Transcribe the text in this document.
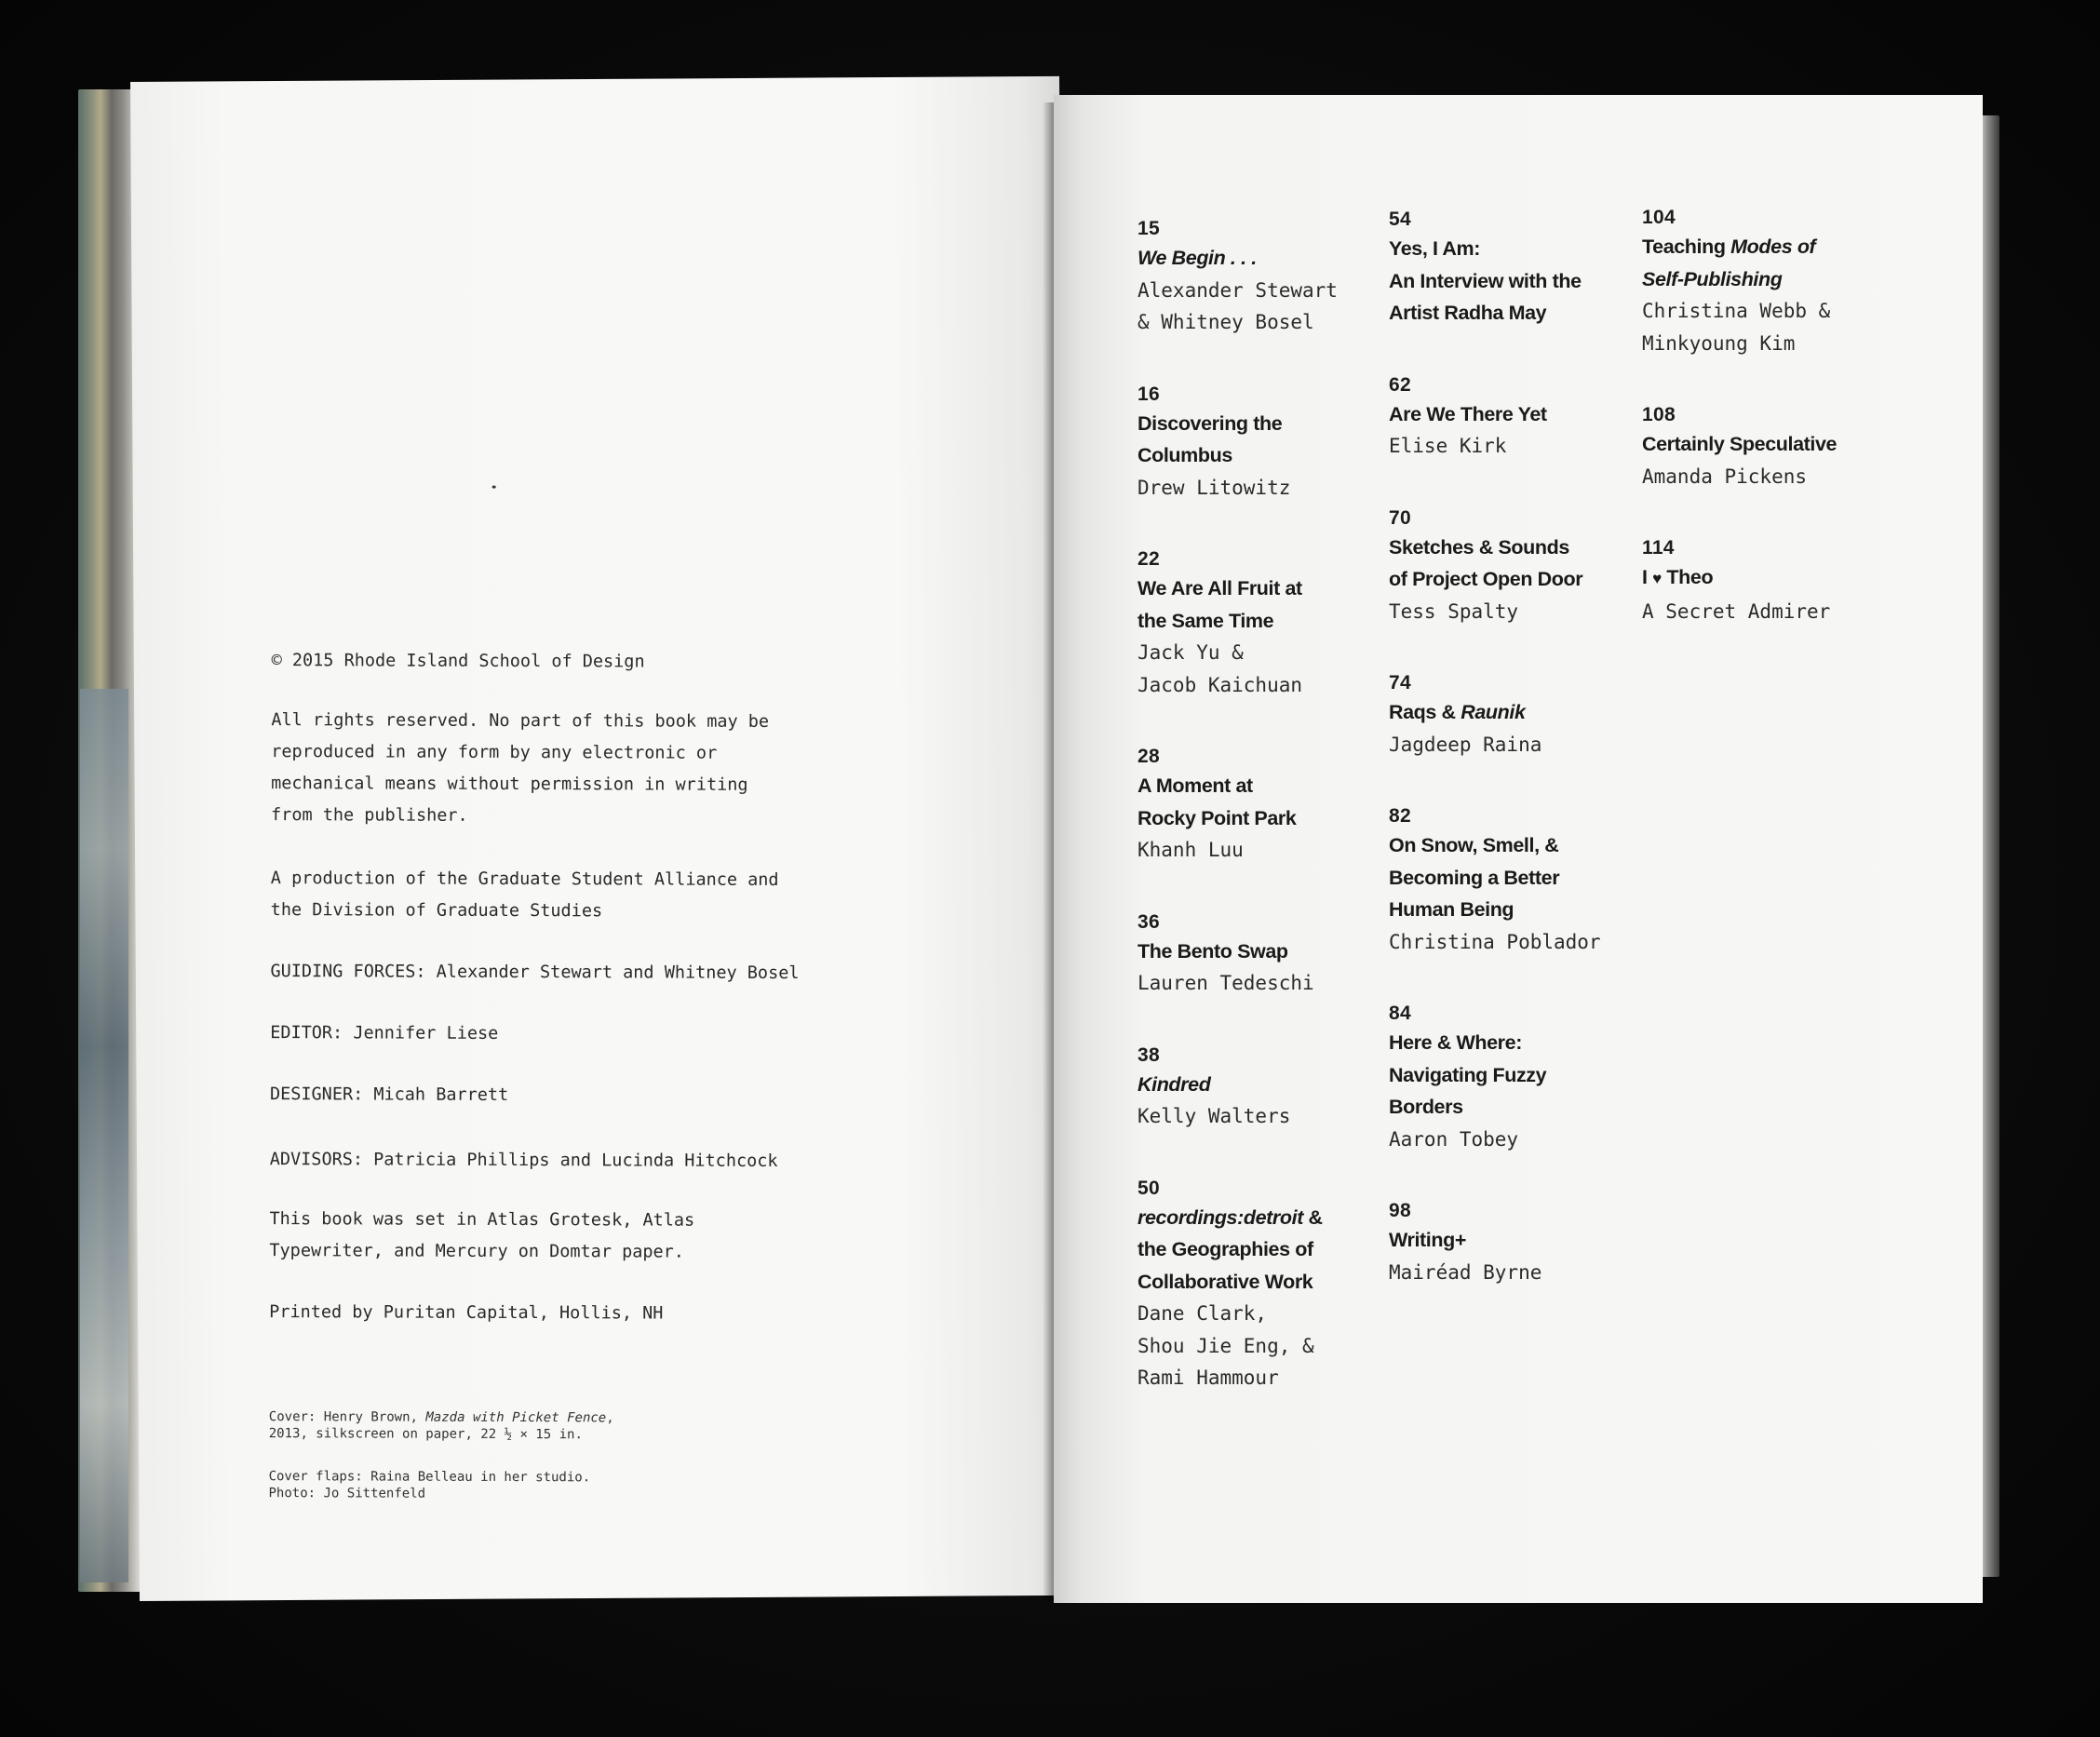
© 2015 Rhode Island School of Design

All rights reserved. No part of this book may be

reproduced in any form by any electronic or

mechanical means without permission in writing

from the publisher.

A production of the Graduate Student Alliance and

the Division of Graduate Studies

GUIDING FORCES: Alexander Stewart and Whitney Bosel

EDITOR: Jennifer Liese

DESIGNER: Micah Barrett

ADVISORS: Patricia Phillips and Lucinda Hitchcock

This book was set in Atlas Grotesk, Atlas

Typewriter, and Mercury on Domtar paper.

Printed by Puritan Capital, Hollis, NH

Cover: Henry Brown, Mazda with Picket Fence,

2013, silkscreen on paper, 22 ½ × 15 in.

Cover flaps: Raina Belleau in her studio.

Photo: Jo Sittenfeld

15
We Begin . . .
Alexander Stewart
& Whitney Bosel
16
Discovering the
Columbus
Drew Litowitz
22
We Are All Fruit at
the Same Time
Jack Yu &
Jacob Kaichuan
28
A Moment at
Rocky Point Park
Khanh Luu
36
The Bento Swap
Lauren Tedeschi
38
Kindred
Kelly Walters
50
recordings:detroit &
the Geographies of
Collaborative Work
Dane Clark,
Shou Jie Eng, &
Rami Hammour
54
Yes, I Am:
An Interview with the
Artist Radha May
62
Are We There Yet
Elise Kirk
70
Sketches & Sounds
of Project Open Door
Tess Spalty
74
Raqs & Raunik
Jagdeep Raina
82
On Snow, Smell, &
Becoming a Better
Human Being
Christina Poblador
84
Here & Where:
Navigating Fuzzy
Borders
Aaron Tobey
98
Writing+
Mairéad Byrne
104
Teaching Modes of
Self-Publishing
Christina Webb &
Minkyoung Kim
108
Certainly Speculative
Amanda Pickens
114
I ♥ Theo
A Secret Admirer
